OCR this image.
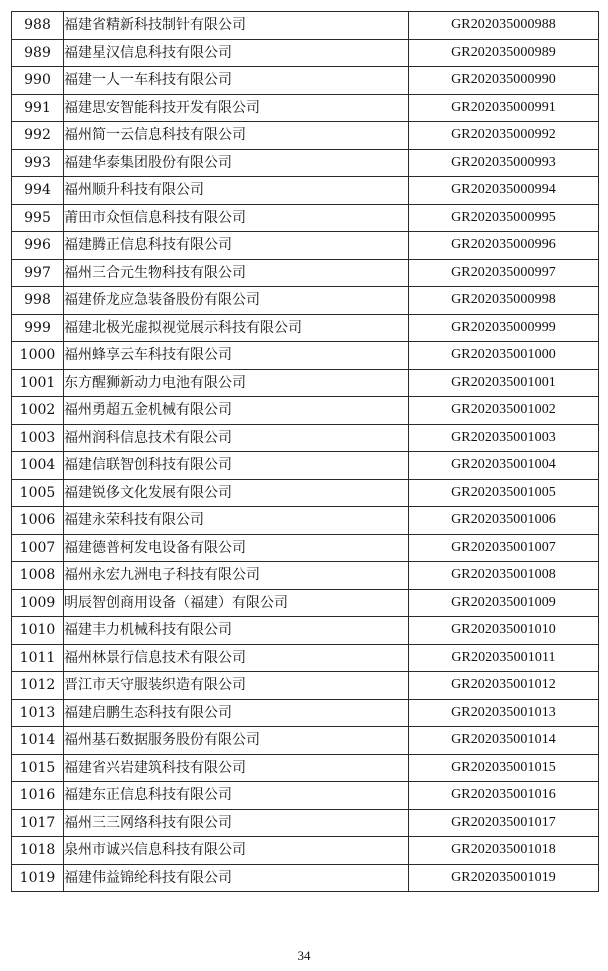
988	福建省精新科技制针有限公司	GR202035000988
989	福建星汉信息科技有限公司	GR202035000989
990	福建一人一车科技有限公司	GR202035000990
991	福建思安智能科技开发有限公司	GR202035000991
992	福州简一云信息科技有限公司	GR202035000992
993	福建华泰集团股份有限公司	GR202035000993
994	福州顺升科技有限公司	GR202035000994
995	莆田市众恒信息科技有限公司	GR202035000995
996	福建腾正信息科技有限公司	GR202035000996
997	福州三合元生物科技有限公司	GR202035000997
998	福建侨龙应急装备股份有限公司	GR202035000998
999	福建北极光虚拟视觉展示科技有限公司	GR202035000999
1000	福州蜂享云车科技有限公司	GR202035001000
1001	东方醒狮新动力电池有限公司	GR202035001001
1002	福州勇超五金机械有限公司	GR202035001002
1003	福州润科信息技术有限公司	GR202035001003
1004	福建信联智创科技有限公司	GR202035001004
1005	福建锐侈文化发展有限公司	GR202035001005
1006	福建永荣科技有限公司	GR202035001006
1007	福建德普柯发电设备有限公司	GR202035001007
1008	福州永宏九洲电子科技有限公司	GR202035001008
1009	明辰智创商用设备（福建）有限公司	GR202035001009
1010	福建丰力机械科技有限公司	GR202035001010
1011	福州林景行信息技术有限公司	GR202035001011
1012	晋江市天守服装织造有限公司	GR202035001012
1013	福建启鹏生态科技有限公司	GR202035001013
1014	福州基石数据服务股份有限公司	GR202035001014
1015	福建省兴岩建筑科技有限公司	GR202035001015
1016	福建东正信息科技有限公司	GR202035001016
1017	福州三三网络科技有限公司	GR202035001017
1018	泉州市诚兴信息科技有限公司	GR202035001018
1019	福建伟益锦纶科技有限公司	GR202035001019
34
